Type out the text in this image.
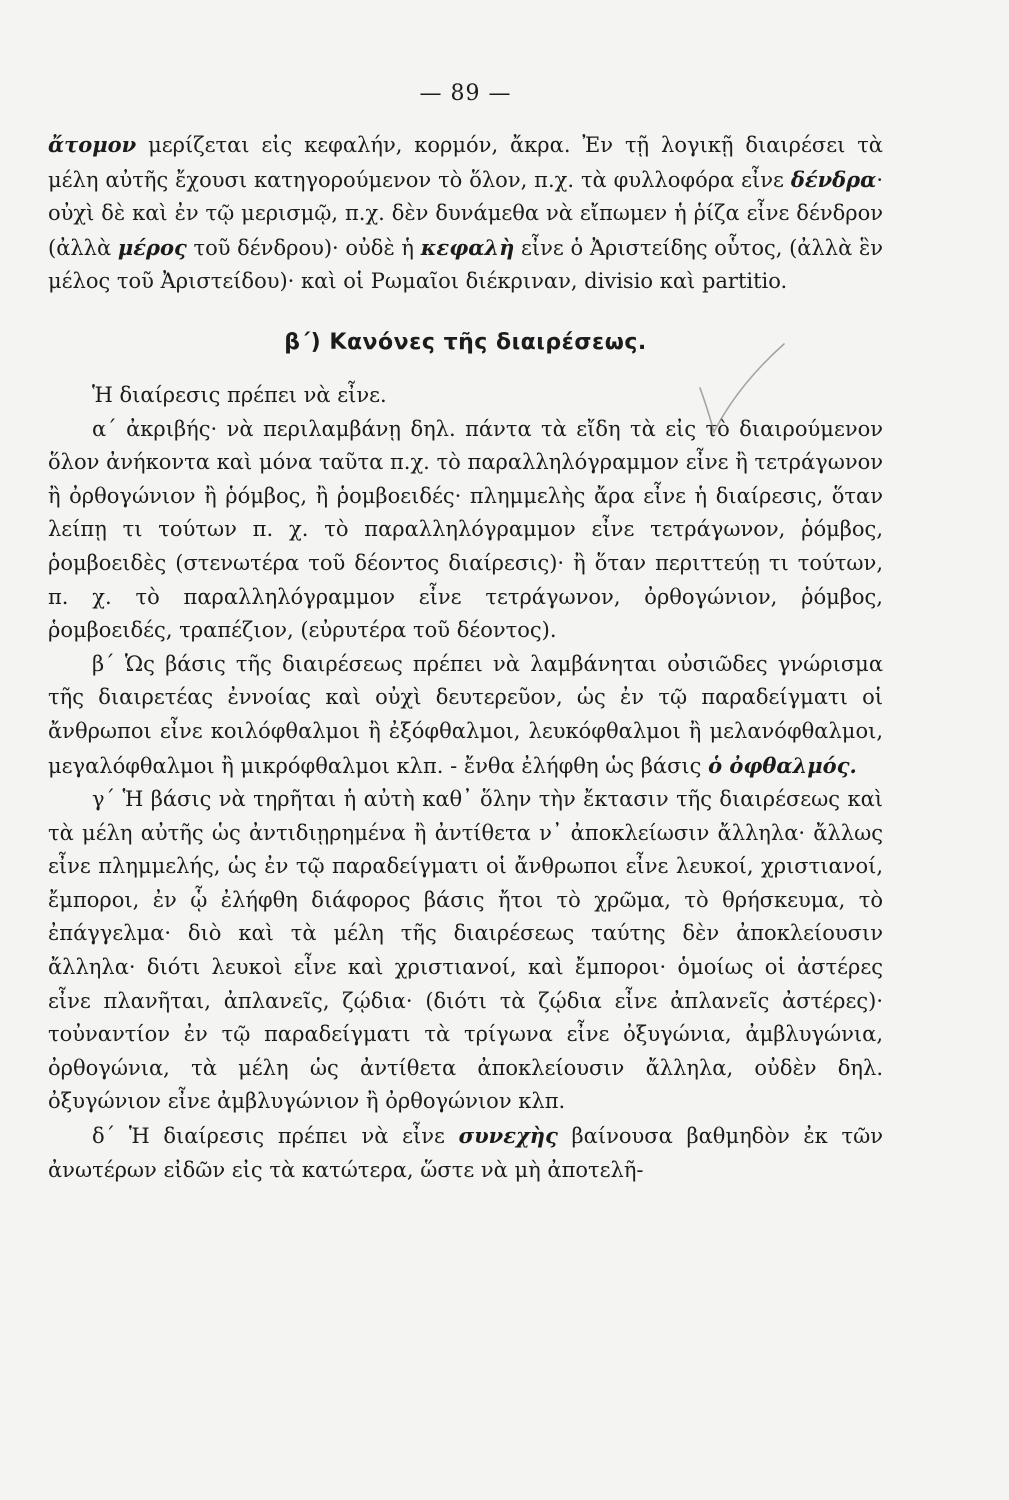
— 89 —

ἄτομον μερίζεται εἰς κεφαλήν, κορμόν, ἄκρα. Ἐν τῇ λογικῇ διαιρέσει τὰ μέλη αὐτῆς ἔχουσι κατηγορούμενον τὸ ὅλον, π.χ. τὰ φυλλοφόρα εἶνε δένδρα· οὐχὶ δὲ καὶ ἐν τῷ μερισμῷ, π.χ. δὲν δυνάμεθα νὰ εἴπωμεν ἡ ῥίζα εἶνε δένδρον (ἀλλὰ μέρος τοῦ δένδρου)· οὐδὲ ἡ κεφαλὴ εἶνε ὁ Ἀριστείδης οὗτος, (ἀλλὰ ἓν μέλος τοῦ Ἀριστείδου)· καὶ οἱ Ρωμαῖοι διέκριναν, divisio καὶ partitio.

β΄) Κανόνες τῆς διαιρέσεως.

Ἡ διαίρεσις πρέπει νὰ εἶνε.

α΄ ἀκριβής· νὰ περιλαμβάνῃ δηλ. πάντα τὰ εἴδη τὰ εἰς τὸ διαιρούμενον ὅλον ἀνήκοντα καὶ μόνα ταῦτα π.χ. τὸ παραλληλόγραμμον εἶνε ἢ τετράγωνον ἢ ὀρθογώνιον ἢ ῥόμβος, ἢ ῥομβοειδές· πλημμελὴς ἄρα εἶνε ἡ διαίρεσις, ὅταν λείπῃ τι τούτων π. χ. τὸ παραλληλόγραμμον εἶνε τετράγωνον, ῥόμβος, ῥομβοειδὲς (στενωτέρα τοῦ δέοντος διαίρεσις)· ἢ ὅταν περιττεύῃ τι τούτων, π. χ. τὸ παραλληλόγραμμον εἶνε τετράγωνον, ὀρθογώνιον, ῥόμβος, ῥομβοειδές, τραπέζιον, (εὐρυτέρα τοῦ δέοντος).

β΄ Ὡς βάσις τῆς διαιρέσεως πρέπει νὰ λαμβάνηται οὐσιῶδες γνώρισμα τῆς διαιρετέας ἐννοίας καὶ οὐχὶ δευτερεῦον, ὡς ἐν τῷ παραδείγματι οἱ ἄνθρωποι εἶνε κοιλόφθαλμοι ἢ ἐξόφθαλμοι, λευκόφθαλμοι ἢ μελανόφθαλμοι, μεγαλόφθαλμοι ἢ μικρόφθαλμοι κλπ. - ἔνθα ἐλήφθη ὡς βάσις ὁ ὀφθαλμός.

γ΄ Ἡ βάσις νὰ τηρῆται ἡ αὐτὴ καθ᾽ ὅλην τὴν ἔκτασιν τῆς διαιρέσεως καὶ τὰ μέλη αὐτῆς ὡς ἀντιδιῃρημένα ἢ ἀντίθετα ν᾽ ἀποκλείωσιν ἄλληλα· ἄλλως εἶνε πλημμελής, ὡς ἐν τῷ παραδείγματι οἱ ἄνθρωποι εἶνε λευκοί, χριστιανοί, ἔμποροι, ἐν ᾧ ἐλήφθη διάφορος βάσις ἤτοι τὸ χρῶμα, τὸ θρήσκευμα, τὸ ἐπάγγελμα· διὸ καὶ τὰ μέλη τῆς διαιρέσεως ταύτης δὲν ἀποκλείουσιν ἄλληλα· διότι λευκοὶ εἶνε καὶ χριστιανοί, καὶ ἔμποροι· ὁμοίως οἱ ἀστέρες εἶνε πλανῆται, ἀπλανεῖς, ζῴδια· (διότι τὰ ζῴδια εἶνε ἀπλανεῖς ἀστέρες)· τοὐναντίον ἐν τῷ παραδείγματι τὰ τρίγωνα εἶνε ὀξυγώνια, ἀμβλυγώνια, ὀρθογώνια, τὰ μέλη ὡς ἀντίθετα ἀποκλείουσιν ἄλληλα, οὐδὲν δηλ. ὀξυγώνιον εἶνε ἀμβλυγώνιον ἢ ὀρθογώνιον κλπ.

δ΄ Ἡ διαίρεσις πρέπει νὰ εἶνε συνεχὴς βαίνουσα βαθμηδὸν ἐκ τῶν ἀνωτέρων εἰδῶν εἰς τὰ κατώτερα, ὥστε νὰ μὴ ἀποτελῆ-
